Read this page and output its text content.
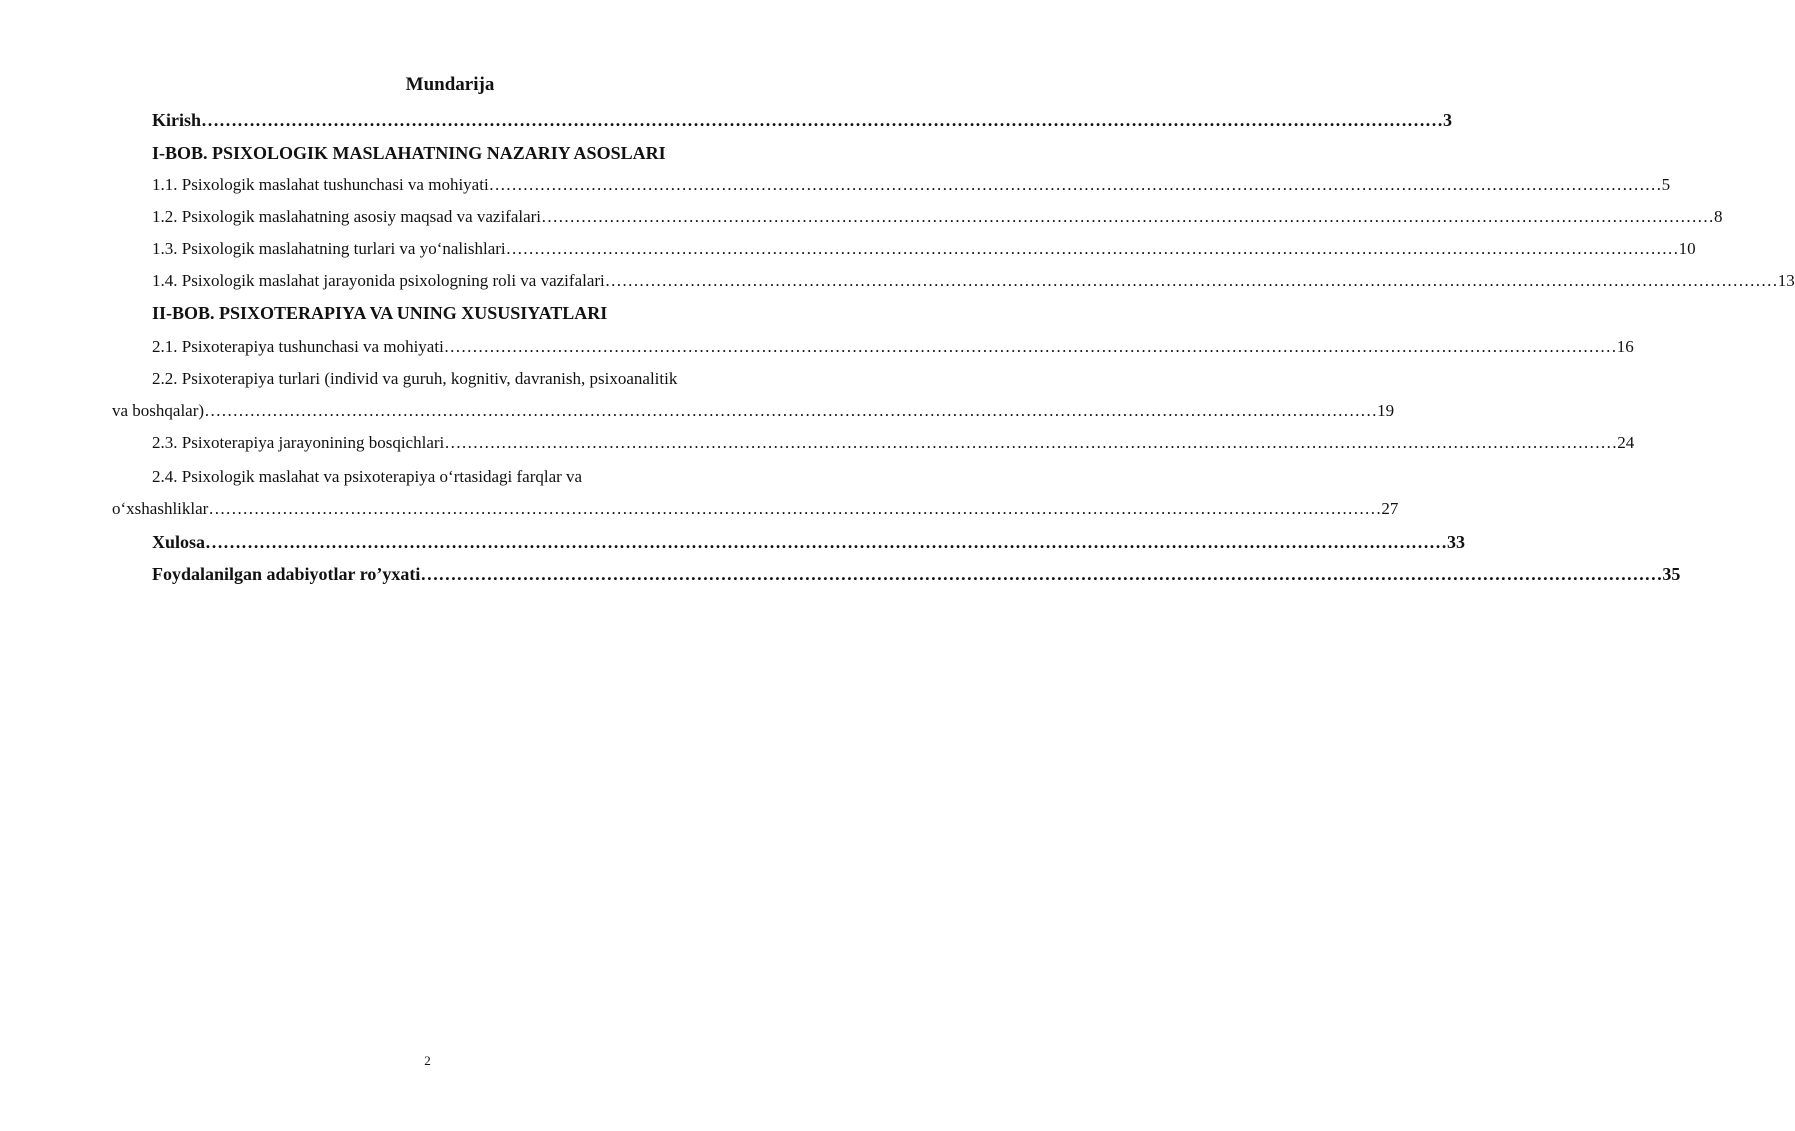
Mundarija
Kirish ……………………………………………………………………………………………………………………………………………………………………………………… 3
I-BOB. PSIXOLOGIK MASLAHATNING NAZARIY ASOSLARI
1.1. Psixologik maslahat tushunchasi va mohiyati ……………………………………………………………………………………………………………………………………………………………………………………… 5
1.2. Psixologik maslahatning asosiy maqsad va vazifalari ……………………………………………………………………………………………………………………………………………………………………………………… 8
1.3. Psixologik maslahatning turlari va yo‘nalishlari ……………………………………………………………………………………………………………………………………………………………………………………… 10
1.4. Psixologik maslahat jarayonida psixologning roli va vazifalari ……………………………………………………………………………………………………………………………………………………………………………………… 13
II-BOB. PSIXOTERAPIYA VA UNING XUSUSIYATLARI
2.1. Psixoterapiya tushunchasi va mohiyati ……………………………………………………………………………………………………………………………………………………………………………………… 16
2.2. Psixoterapiya turlari (individ va guruh, kognitiv, davranish, psixoanalitik
va boshqalar) ……………………………………………………………………………………………………………………………………………………………………………………… 19
2.3. Psixoterapiya jarayonining bosqichlari ……………………………………………………………………………………………………………………………………………………………………………………… 24
2.4. Psixologik maslahat va psixoterapiya o‘rtasidagi farqlar va
o‘xshashliklar ……………………………………………………………………………………………………………………………………………………………………………………… 27
Xulosa ……………………………………………………………………………………………………………………………………………………………………………………… 33
Foydalanilgan adabiyotlar ro’yxati ……………………………………………………………………………………………………………………………………………………………………………………… 35
2
